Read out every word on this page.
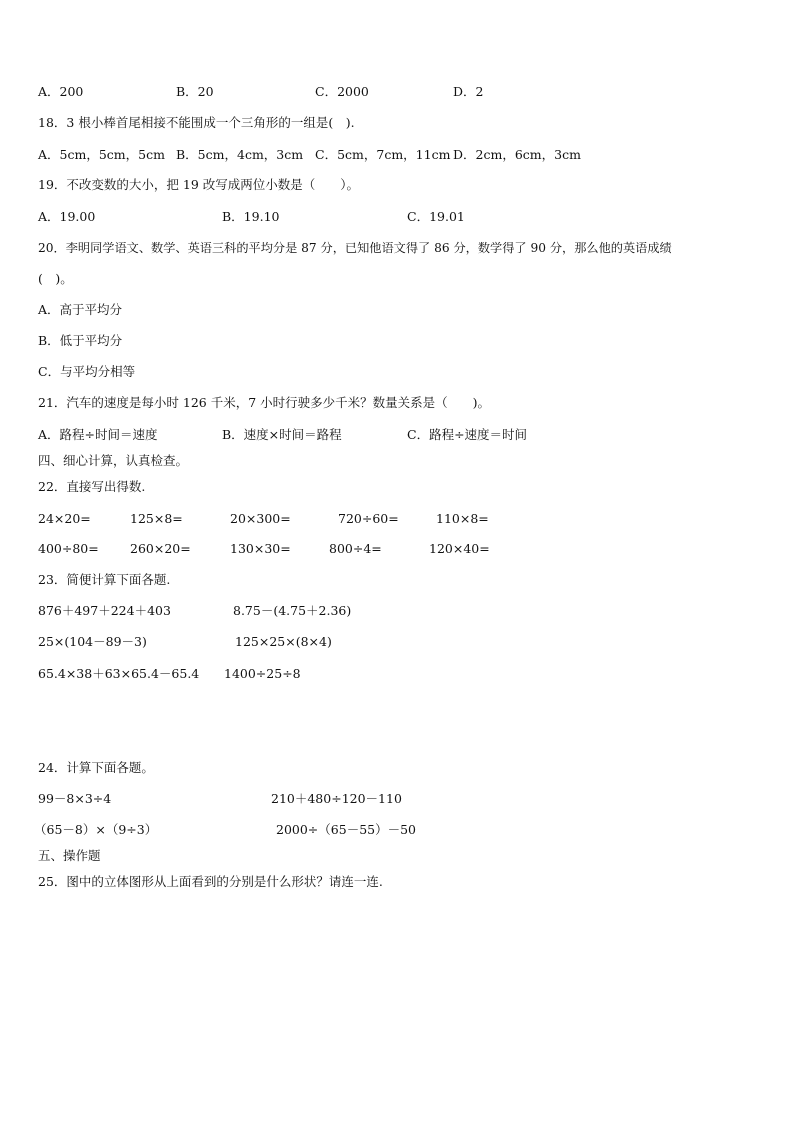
A．200	B．20	C．2000	D．2
18．3 根小棒首尾相接不能围成一个三角形的一组是(　).
A．5cm，5cm，5cm B．5cm，4cm，3cm C．5cm，7cm，11cm D．2cm，6cm，3cm
19．不改变数的大小，把 19 改写成两位小数是（　　）。
A．19.00	B．19.10	C．19.01
20．李明同学语文、数学、英语三科的平均分是 87 分，已知他语文得了 86 分，数学得了 90 分，那么他的英语成绩
(　)。
A．高于平均分
B．低于平均分
C．与平均分相等
21．汽车的速度是每小时 126 千米，7 小时行驶多少千米？数量关系是（　　)。
A．路程÷时间＝速度	B．速度×时间＝路程	C．路程÷速度＝时间
四、细心计算，认真检查。
22．直接写出得数.
24×20=	125×8=	20×300=	720÷60=	110×8=
400÷80=	260×20=	130×30=	800÷4=	120×40=
23．简便计算下面各题.
876＋497＋224＋403	8.75－(4.75＋2.36)
25×(104－89－3)	125×25×(8×4)
65.4×38＋63×65.4－65.4 1400÷25÷8
24．计算下面各题。
99－8×3÷4	210＋480÷120－110
（65－8）×（9÷3）	2000÷（65－55）－50
五、操作题
25．图中的立体图形从上面看到的分别是什么形状？请连一连.
